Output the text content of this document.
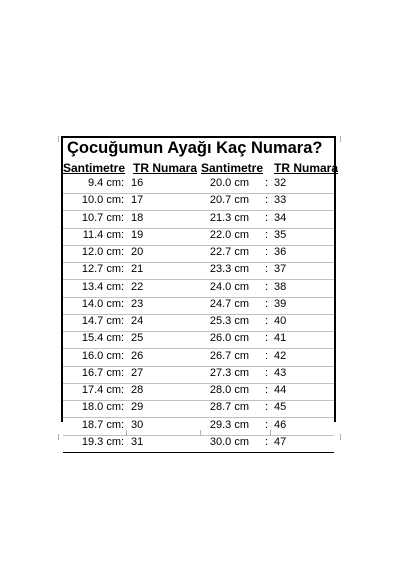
Çocuğumun Ayağı Kaç Numara?
Santimetre TR Numara Santimetre TR Numara
9.4 cm : 16	20.0 cm : 32
10.0 cm : 17	20.7 cm : 33
10.7 cm : 18	21.3 cm : 34
11.4 cm : 19	22.0 cm : 35
12.0 cm : 20	22.7 cm : 36
12.7 cm : 21	23.3 cm : 37
13.4 cm : 22	24.0 cm : 38
14.0 cm : 23	24.7 cm : 39
14.7 cm : 24	25.3 cm : 40
15.4 cm : 25	26.0 cm : 41
16.0 cm : 26	26.7 cm : 42
16.7 cm : 27	27.3 cm : 43
17.4 cm : 28	28.0 cm : 44
18.0 cm : 29	28.7 cm : 45
18.7 cm : 30	29.3 cm : 46
19.3 cm : 31	30.0 cm : 47
